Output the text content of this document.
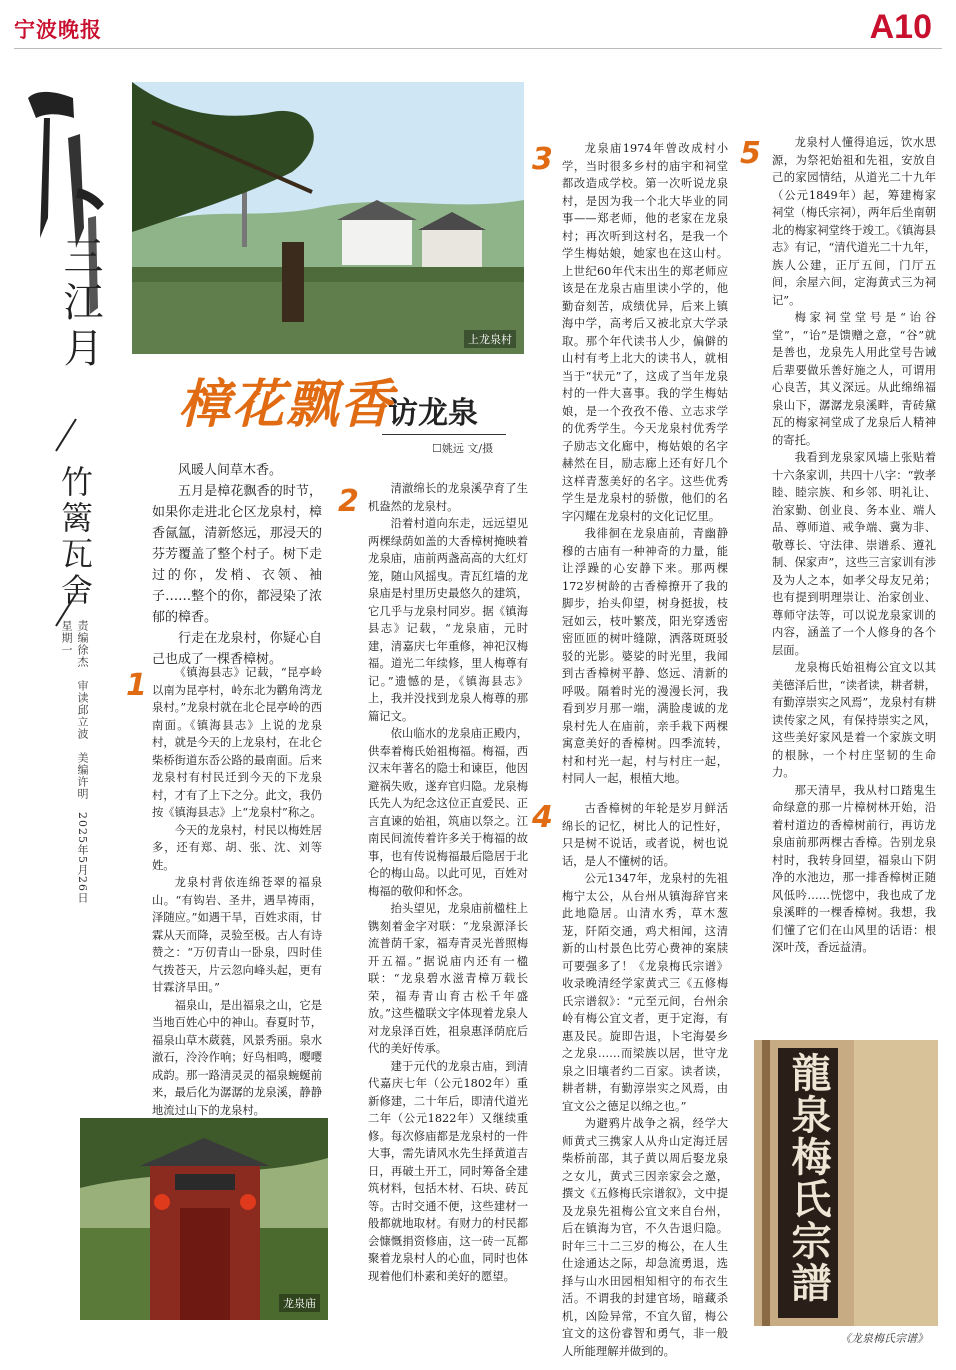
宁波晚报	A10
三江月
竹篱瓦舍
责编徐杰　审读邱立波　美编许明　2025年5月26日　星期一
上龙泉村
樟花飘香
访龙泉
☐姚远 文/摄

风暖人间草木香。

五月是樟花飘香的时节，如果你走进北仑区龙泉村，樟香氤氲，清新悠远，那浸天的芬芳覆盖了整个村子。树下走过的你，发梢、衣领、袖子……整个的你，都浸染了浓郁的樟香。

行走在龙泉村，你疑心自己也成了一棵香樟树。

1	《镇海县志》记载，“昆亭岭以南为昆亭村，岭东北为鹳角湾龙泉村。”龙泉村就在北仑昆亭岭的西南面。《镇海县志》上说的龙泉村，就是今天的上龙泉村，在北仑柴桥街道东岙公路的最南面。后来龙泉村有村民迁到今天的下龙泉村，才有了上下之分。此文，我仍按《镇海县志》上“龙泉村”称之。

今天的龙泉村，村民以梅姓居多，还有郑、胡、张、沈、刘等姓。

龙泉村背依连绵苍翠的福泉山。“有钩岩、圣井，遇旱祷雨，泽随应。”如遇干旱，百姓求雨，甘霖从天而降，灵验至极。古人有诗赞之：“万仞青山一卧泉，四时佳气拨苍天，片云忽向峰头起，更有甘霖济旱田。”

福泉山，是出福泉之山，它是当地百姓心中的神山。春夏时节，福泉山草木葳蕤，风景秀丽。泉水澈石，泠泠作响；好鸟相鸣，嘤嘤成韵。那一路清灵灵的福泉蜿蜒前来，最后化为潺潺的龙泉溪，静静地流过山下的龙泉村。

龙泉庙
2	清澈绵长的龙泉溪孕育了生机盎然的龙泉村。

沿着村道向东走，远远望见两棵绿荫如盖的大香樟树掩映着龙泉庙，庙前两盏高高的大红灯笼，随山风摇曳。青瓦红墙的龙泉庙是村里历史最悠久的建筑，它几乎与龙泉村同岁。据《镇海县志》记载，“龙泉庙，元时建，清嘉庆七年重修，神祀汉梅福。道光二年续修，里人梅尊有记。”遗憾的是，《镇海县志》上，我并没找到龙泉人梅尊的那篇记文。

依山临水的龙泉庙正殿内，供奉着梅氏始祖梅福。梅福，西汉末年著名的隐士和谏臣，他因避祸失败，遂弃官归隐。龙泉梅氏先人为纪念这位正直爱民、正言直谏的始祖，筑庙以祭之。江南民间流传着许多关于梅福的故事，也有传说梅福最后隐居于北仑的梅山岛。以此可见，百姓对梅福的敬仰和怀念。

抬头望见，龙泉庙前楹柱上镌刻着金字对联：“龙泉源泽长流普荫千家，福寿青灵光普照梅开五福。”据说庙内还有一楹联：“龙泉碧水滋青樟万载长荣，福寿青山育古松千年盛放。”这些楹联文字体现着龙泉人对龙泉泽百姓，祖泉惠泽荫庇后代的美好传承。

建于元代的龙泉古庙，到清代嘉庆七年（公元1802年）重新修建，二十年后，即清代道光二年（公元1822年）又继续重修。每次修庙都是龙泉村的一件大事，需先请风水先生择黄道吉日，再破土开工，同时筹备全建筑材料，包括木材、石块、砖瓦等。古时交通不便，这些建材一般都就地取材。有财力的村民都会慷慨捐资修庙，这一砖一瓦都聚着龙泉村人的心血，同时也体现着他们朴素和美好的愿望。

3	龙泉庙1974年曾改成村小学，当时很多乡村的庙宇和祠堂都改造成学校。第一次听说龙泉村，是因为我一个北大毕业的同事——郑老师，他的老家在龙泉村；再次听到这村名，是我一个学生梅姑娘，她家也在这山村。上世纪60年代末出生的郑老师应该是在龙泉古庙里读小学的，他勤奋刻苦，成绩优异，后来上镇海中学，高考后又被北京大学录取。那个年代读书人少，偏僻的山村有考上北大的读书人，就相当于“状元”了，这成了当年龙泉村的一件大喜事。我的学生梅姑娘，是一个孜孜不倦、立志求学的优秀学生。今天龙泉村优秀学子励志文化廊中，梅姑娘的名字赫然在目，励志廊上还有好几个这样青葱美好的名字。这些优秀学生是龙泉村的骄傲，他们的名字闪耀在龙泉村的文化记忆里。

我徘徊在龙泉庙前，青幽静穆的古庙有一种神奇的力量，能让浮躁的心安静下来。那两棵172岁树龄的古香樟撩开了我的脚步，抬头仰望，树身挺拔，枝冠如云，枝叶繁茂，阳光穿透密密匝匝的树叶缝隙，洒落斑斑驳驳的光影。婆娑的时光里，我闻到古香樟树平静、悠远、清新的呼吸。隔着时光的漫漫长河，我看到岁月那一端，满脸虔诚的龙泉村先人在庙前，亲手栽下两棵寓意美好的香樟树。四季流转，村和村光一起，村与村庄一起，村同人一起，根植大地。

4	古香樟树的年轮是岁月鲜活绵长的记忆，树比人的记性好，只是树不说话，或者说，树也说话，是人不懂树的话。

公元1347年，龙泉村的先祖梅宁太公，从台州从镇海辞官来此地隐居。山清水秀，草木葱茏，阡陌交通，鸡犬相闻，这清新的山村景色比劳心费神的案牍可要强多了！《龙泉梅氏宗谱》收录晚清经学家黄式三《五修梅氏宗谱叙》：“元至元间，台州余岭有梅公宜文者，更于定海，有惠及民。旋即告退，卜宅海晏乡之龙泉……而梁族以居，世守龙泉之旧壤者约二百家。读者读，耕者耕，有勤淳崇实之风焉，由宜文公之德足以绵之也。”

为避鸦片战争之祸，经学大师黄式三携家人从舟山定海迁居柴桥前邵，其子黄以周后娶龙泉之女儿，黄式三因亲家会之邀，撰文《五修梅氏宗谱叙》，文中提及龙泉先祖梅公宜文来自台州，后在镇海为官，不久告退归隐。时年三十二三岁的梅公，在人生仕途通达之际，却急流勇退，选择与山水田园相知相守的布衣生活。不谓我的封建官场，暗藏杀机，凶险异常，不宜久留，梅公宜文的这份睿智和勇气，非一般人所能理解并做到的。

5	龙泉村人懂得追远，饮水思源，为祭祀始祖和先祖，安放自己的家园情结，从道光二十九年（公元1849年）起，筹建梅家祠堂（梅氏宗祠），两年后坐南朝北的梅家祠堂终于竣工。《镇海县志》有记，“清代道光二十九年，族人公建，正厅五间，门厅五间，余屋六间，定海黄式三为祠记”。

梅家祠堂堂号是“诒谷堂”，“诒”是馈赠之意，“谷”就是善也，龙泉先人用此堂号告诫后辈要做乐善好施之人，可谓用心良苦，其义深远。从此绵绵福泉山下，潺潺龙泉溪畔，青砖黛瓦的梅家祠堂成了龙泉后人精神的寄托。

我看到龙泉家风墙上张贴着十六条家训，共四十八字：“敦孝睦、睦宗族、和乡邻、明礼让、治家勤、创业良、务本业、端人品、尊师道、戒争端、冀为非、敬尊长、守法律、崇谱系、遵礼制、保家声”，这些三言家训有涉及为人之本，如孝父母友兄弟；也有提到明理崇让、治家创业、尊师守法等，可以说龙泉家训的内容，涵盖了一个人修身的各个层面。

龙泉梅氏始祖梅公宜文以其美德泽后世，“读者读，耕者耕，有勤淳崇实之风焉”，龙泉村有耕读传家之风，有保持崇实之风，这些美好家风是着一个家族文明的根脉，一个村庄坚韧的生命力。

那天清早，我从村口踏鬼生命绿意的那一片樟树林开始，沿着村道边的香樟树前行，再访龙泉庙前那两棵古香樟。告别龙泉村时，我转身回望，福泉山下阴净的水池边，那一排香樟树正随风低吟……恍惚中，我也成了龙泉溪畔的一棵香樟树。我想，我们懂了它们在山风里的话语：根深叶茂，香远益清。

龍泉梅氏宗譜
《龙泉梅氏宗谱》
